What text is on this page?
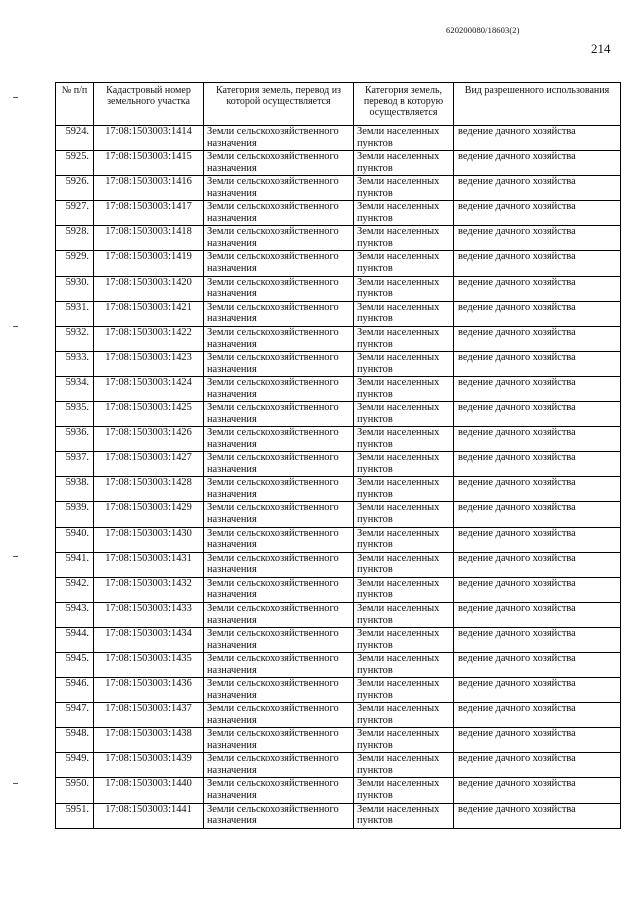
620200080/18603(2)
214
№ п/п	Кадастровый номер земельного участка	Категория земель, перевод из которой осуществляется	Категория земель, перевод в которую осуществляется	Вид разрешенного использования
5924.	17:08:1503003:1414	Земли сельскохозяйственного назначения	Земли населенных пунктов	ведение дачного хозяйства
5925.	17:08:1503003:1415	Земли сельскохозяйственного назначения	Земли населенных пунктов	ведение дачного хозяйства
5926.	17:08:1503003:1416	Земли сельскохозяйственного назначения	Земли населенных пунктов	ведение дачного хозяйства
5927.	17:08:1503003:1417	Земли сельскохозяйственного назначения	Земли населенных пунктов	ведение дачного хозяйства
5928.	17:08:1503003:1418	Земли сельскохозяйственного назначения	Земли населенных пунктов	ведение дачного хозяйства
5929.	17:08:1503003:1419	Земли сельскохозяйственного назначения	Земли населенных пунктов	ведение дачного хозяйства
5930.	17:08:1503003:1420	Земли сельскохозяйственного назначения	Земли населенных пунктов	ведение дачного хозяйства
5931.	17:08:1503003:1421	Земли сельскохозяйственного назначения	Земли населенных пунктов	ведение дачного хозяйства
5932.	17:08:1503003:1422	Земли сельскохозяйственного назначения	Земли населенных пунктов	ведение дачного хозяйства
5933.	17:08:1503003:1423	Земли сельскохозяйственного назначения	Земли населенных пунктов	ведение дачного хозяйства
5934.	17:08:1503003:1424	Земли сельскохозяйственного назначения	Земли населенных пунктов	ведение дачного хозяйства
5935.	17:08:1503003:1425	Земли сельскохозяйственного назначения	Земли населенных пунктов	ведение дачного хозяйства
5936.	17:08:1503003:1426	Земли сельскохозяйственного назначения	Земли населенных пунктов	ведение дачного хозяйства
5937.	17:08:1503003:1427	Земли сельскохозяйственного назначения	Земли населенных пунктов	ведение дачного хозяйства
5938.	17:08:1503003:1428	Земли сельскохозяйственного назначения	Земли населенных пунктов	ведение дачного хозяйства
5939.	17:08:1503003:1429	Земли сельскохозяйственного назначения	Земли населенных пунктов	ведение дачного хозяйства
5940.	17:08:1503003:1430	Земли сельскохозяйственного назначения	Земли населенных пунктов	ведение дачного хозяйства
5941.	17:08:1503003:1431	Земли сельскохозяйственного назначения	Земли населенных пунктов	ведение дачного хозяйства
5942.	17:08:1503003:1432	Земли сельскохозяйственного назначения	Земли населенных пунктов	ведение дачного хозяйства
5943.	17:08:1503003:1433	Земли сельскохозяйственного назначения	Земли населенных пунктов	ведение дачного хозяйства
5944.	17:08:1503003:1434	Земли сельскохозяйственного назначения	Земли населенных пунктов	ведение дачного хозяйства
5945.	17:08:1503003:1435	Земли сельскохозяйственного назначения	Земли населенных пунктов	ведение дачного хозяйства
5946.	17:08:1503003:1436	Земли сельскохозяйственного назначения	Земли населенных пунктов	ведение дачного хозяйства
5947.	17:08:1503003:1437	Земли сельскохозяйственного назначения	Земли населенных пунктов	ведение дачного хозяйства
5948.	17:08:1503003:1438	Земли сельскохозяйственного назначения	Земли населенных пунктов	ведение дачного хозяйства
5949.	17:08:1503003:1439	Земли сельскохозяйственного назначения	Земли населенных пунктов	ведение дачного хозяйства
5950.	17:08:1503003:1440	Земли сельскохозяйственного назначения	Земли населенных пунктов	ведение дачного хозяйства
5951.	17:08:1503003:1441	Земли сельскохозяйственного назначения	Земли населенных пунктов	ведение дачного хозяйства
